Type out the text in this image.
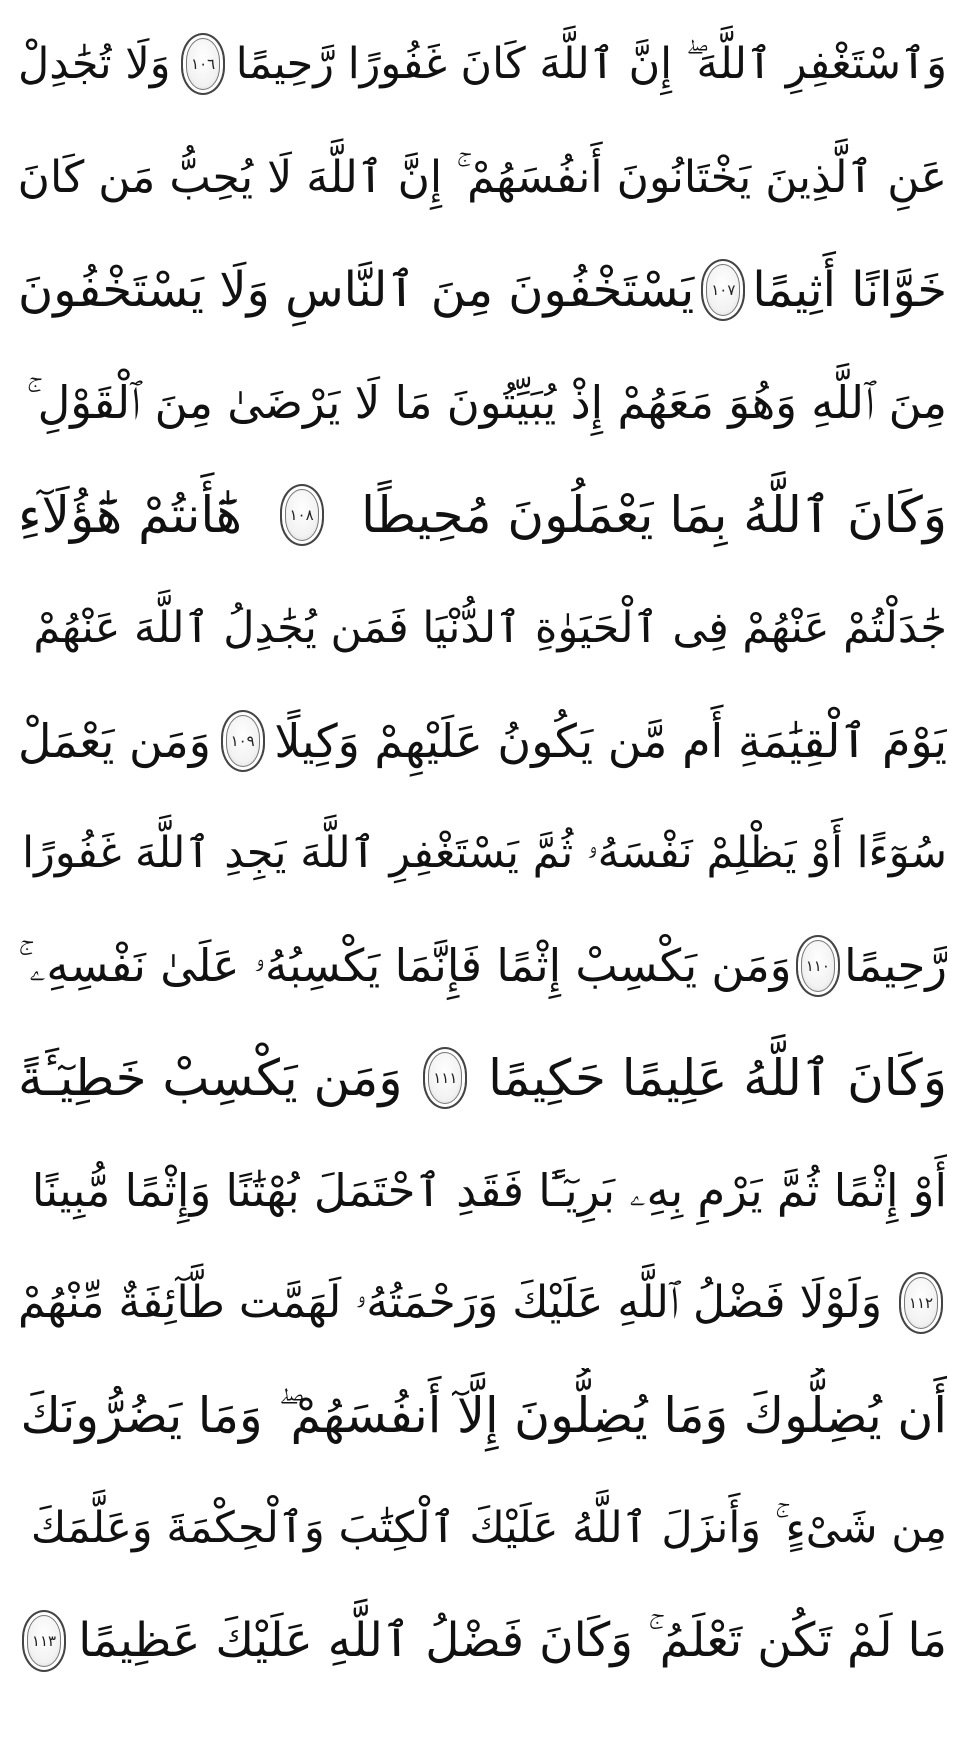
وَٱسْتَغْفِرِ ٱللَّهَ ۖ إِنَّ ٱللَّهَ كَانَ غَفُورًا رَّحِيمًا
١٠٦
وَلَا تُجَٰدِلْ
عَنِ ٱلَّذِينَ يَخْتَانُونَ أَنفُسَهُمْ ۚ إِنَّ ٱللَّهَ لَا يُحِبُّ مَن كَانَ
خَوَّانًا أَثِيمًا
١٠٧
يَسْتَخْفُونَ مِنَ ٱلنَّاسِ وَلَا يَسْتَخْفُونَ
مِنَ ٱللَّهِ وَهُوَ مَعَهُمْ إِذْ يُبَيِّتُونَ مَا لَا يَرْضَىٰ مِنَ ٱلْقَوْلِ ۚ
وَكَانَ ٱللَّهُ بِمَا يَعْمَلُونَ مُحِيطًا
١٠٨
هَٰٓأَنتُمْ هَٰٓؤُلَآءِ
جَٰدَلْتُمْ عَنْهُمْ فِى ٱلْحَيَوٰةِ ٱلدُّنْيَا فَمَن يُجَٰدِلُ ٱللَّهَ عَنْهُمْ
يَوْمَ ٱلْقِيَٰمَةِ أَم مَّن يَكُونُ عَلَيْهِمْ وَكِيلًا
١٠٩
وَمَن يَعْمَلْ
سُوٓءًا أَوْ يَظْلِمْ نَفْسَهُۥ ثُمَّ يَسْتَغْفِرِ ٱللَّهَ يَجِدِ ٱللَّهَ غَفُورًا
رَّحِيمًا
١١٠
وَمَن يَكْسِبْ إِثْمًا فَإِنَّمَا يَكْسِبُهُۥ عَلَىٰ نَفْسِهِۦ ۚ
وَكَانَ ٱللَّهُ عَلِيمًا حَكِيمًا
١١١
وَمَن يَكْسِبْ خَطِيٓـَٔةً
أَوْ إِثْمًا ثُمَّ يَرْمِ بِهِۦ بَرِيٓـًٔا فَقَدِ ٱحْتَمَلَ بُهْتَٰنًا وَإِثْمًا مُّبِينًا
١١٢
وَلَوْلَا فَضْلُ ٱللَّهِ عَلَيْكَ وَرَحْمَتُهُۥ لَهَمَّت طَّآئِفَةٌ مِّنْهُمْ
أَن يُضِلُّوكَ وَمَا يُضِلُّونَ إِلَّآ أَنفُسَهُمْ ۖ وَمَا يَضُرُّونَكَ
مِن شَىْءٍ ۚ وَأَنزَلَ ٱللَّهُ عَلَيْكَ ٱلْكِتَٰبَ وَٱلْحِكْمَةَ وَعَلَّمَكَ
مَا لَمْ تَكُن تَعْلَمُ ۚ وَكَانَ فَضْلُ ٱللَّهِ عَلَيْكَ عَظِيمًا
١١٣
